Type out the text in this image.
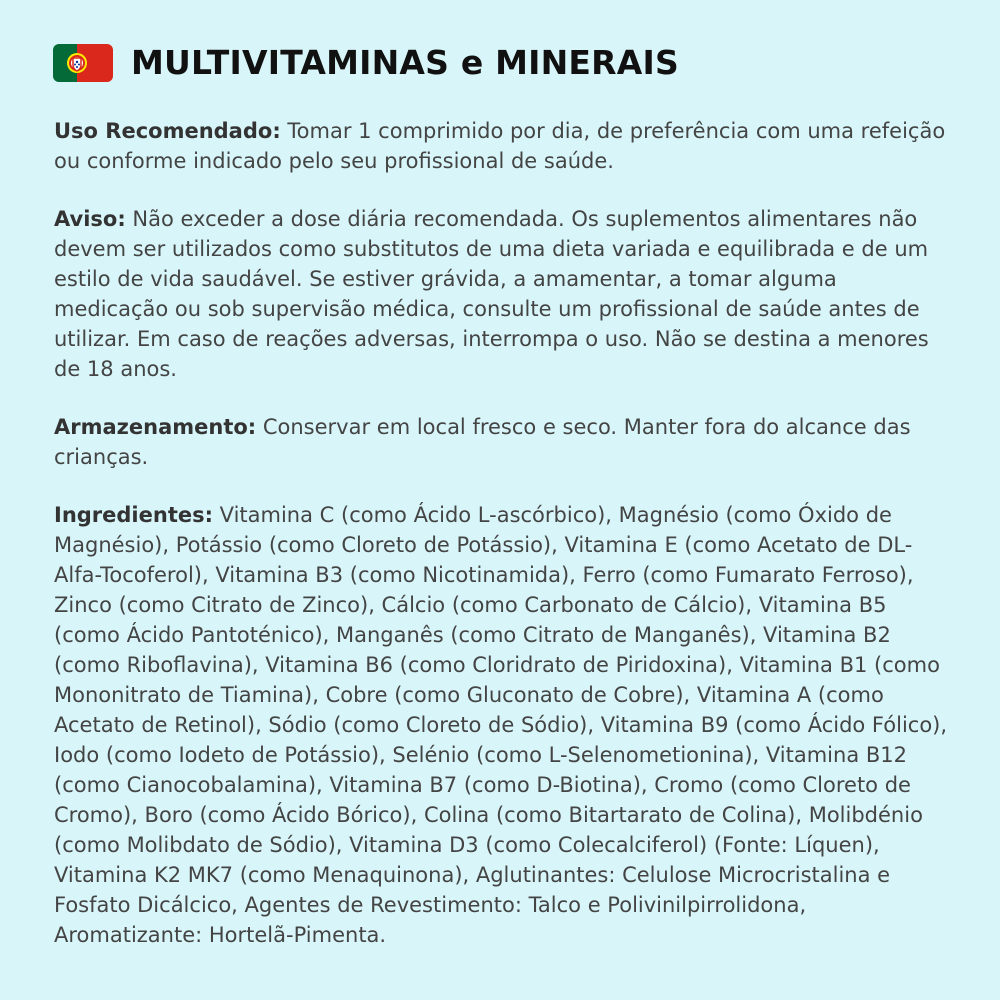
MULTIVITAMINAS e MINERAIS

Uso Recomendado: Tomar 1 comprimido por dia, de preferência com uma refeição ou conforme indicado pelo seu profissional de saúde.

Aviso: Não exceder a dose diária recomendada. Os suplementos alimentares não devem ser utilizados como substitutos de uma dieta variada e equilibrada e de um estilo de vida saudável. Se estiver grávida, a amamentar, a tomar alguma medicação ou sob supervisão médica, consulte um profissional de saúde antes de utilizar. Em caso de reações adversas, interrompa o uso. Não se destina a menores de 18 anos.

Armazenamento: Conservar em local fresco e seco. Manter fora do alcance das crianças.

Ingredientes: Vitamina C (como Ácido L-ascórbico), Magnésio (como Óxido de Magnésio), Potássio (como Cloreto de Potássio), Vitamina E (como Acetato de DL-Alfa-Tocoferol), Vitamina B3 (como Nicotinamida), Ferro (como Fumarato Ferroso), Zinco (como Citrato de Zinco), Cálcio (como Carbonato de Cálcio), Vitamina B5 (como Ácido Pantoténico), Manganês (como Citrato de Manganês), Vitamina B2 (como Riboflavina), Vitamina B6 (como Cloridrato de Piridoxina), Vitamina B1 (como Mononitrato de Tiamina), Cobre (como Gluconato de Cobre), Vitamina A (como Acetato de Retinol), Sódio (como Cloreto de Sódio), Vitamina B9 (como Ácido Fólico), Iodo (como Iodeto de Potássio), Selénio (como L-Selenometionina), Vitamina B12 (como Cianocobalamina), Vitamina B7 (como D-Biotina), Cromo (como Cloreto de Cromo), Boro (como Ácido Bórico), Colina (como Bitartarato de Colina), Molibdénio (como Molibdato de Sódio), Vitamina D3 (como Colecalciferol) (Fonte: Líquen), Vitamina K2 MK7 (como Menaquinona), Aglutinantes: Celulose Microcristalina e Fosfato Dicálcico, Agentes de Revestimento: Talco e Polivinilpirrolidona, Aromatizante: Hortelã-Pimenta.
